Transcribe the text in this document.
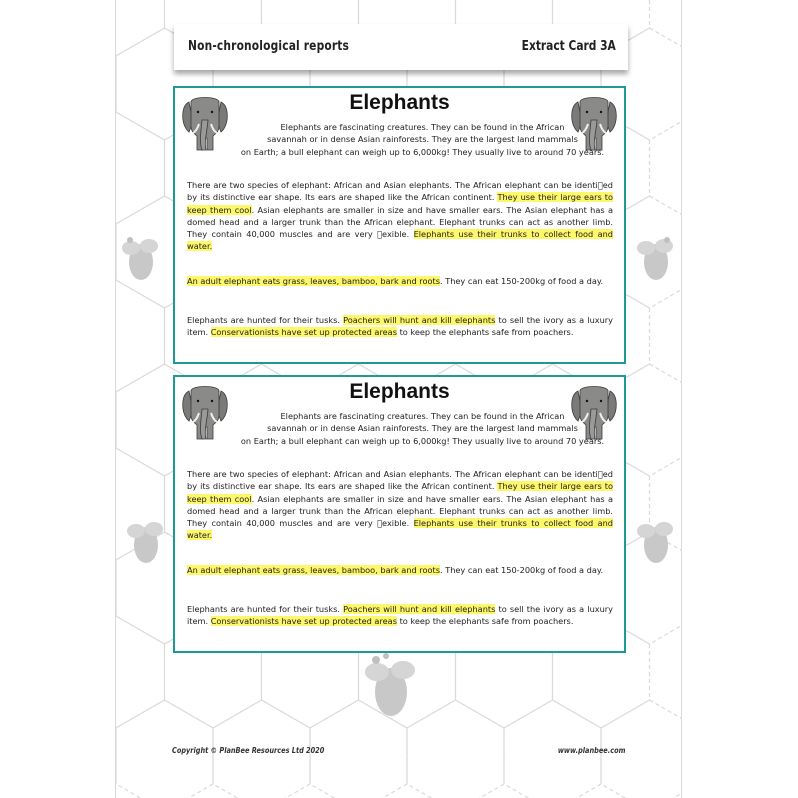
Non-chronological reports	Extract Card 3A
Elephants
Elephants are fascinating creatures. They can be found in the African
savannah or in dense Asian rainforests. They are the largest land mammals
on Earth; a bull elephant can weigh up to 6,000kg! They usually live to around 70 years.
There are two species of elephant: African and Asian elephants. The African elephant can be identi ed by its distinctive ear shape. Its ears are shaped like the African continent. They use their large ears to keep them cool. Asian elephants are smaller in size and have smaller ears. The Asian elephant has a domed head and a larger trunk than the African elephant. Elephant trunks can act as another limb. They contain 40,000 muscles and are very  exible. Elephants use their trunks to collect food and water.
An adult elephant eats grass, leaves, bamboo, bark and roots. They can eat 150-200kg of food a day.
Elephants are hunted for their tusks. Poachers will hunt and kill elephants to sell the ivory as a luxury item. Conservationists have set up protected areas to keep the elephants safe from poachers.
Elephants
Elephants are fascinating creatures. They can be found in the African
savannah or in dense Asian rainforests. They are the largest land mammals
on Earth; a bull elephant can weigh up to 6,000kg! They usually live to around 70 years.
There are two species of elephant: African and Asian elephants. The African elephant can be identi ed by its distinctive ear shape. Its ears are shaped like the African continent. They use their large ears to keep them cool. Asian elephants are smaller in size and have smaller ears. The Asian elephant has a domed head and a larger trunk than the African elephant. Elephant trunks can act as another limb. They contain 40,000 muscles and are very  exible. Elephants use their trunks to collect food and water.
An adult elephant eats grass, leaves, bamboo, bark and roots. They can eat 150-200kg of food a day.
Elephants are hunted for their tusks. Poachers will hunt and kill elephants to sell the ivory as a luxury item. Conservationists have set up protected areas to keep the elephants safe from poachers.
Copyright © PlanBee Resources Ltd 2020	www.planbee.com
